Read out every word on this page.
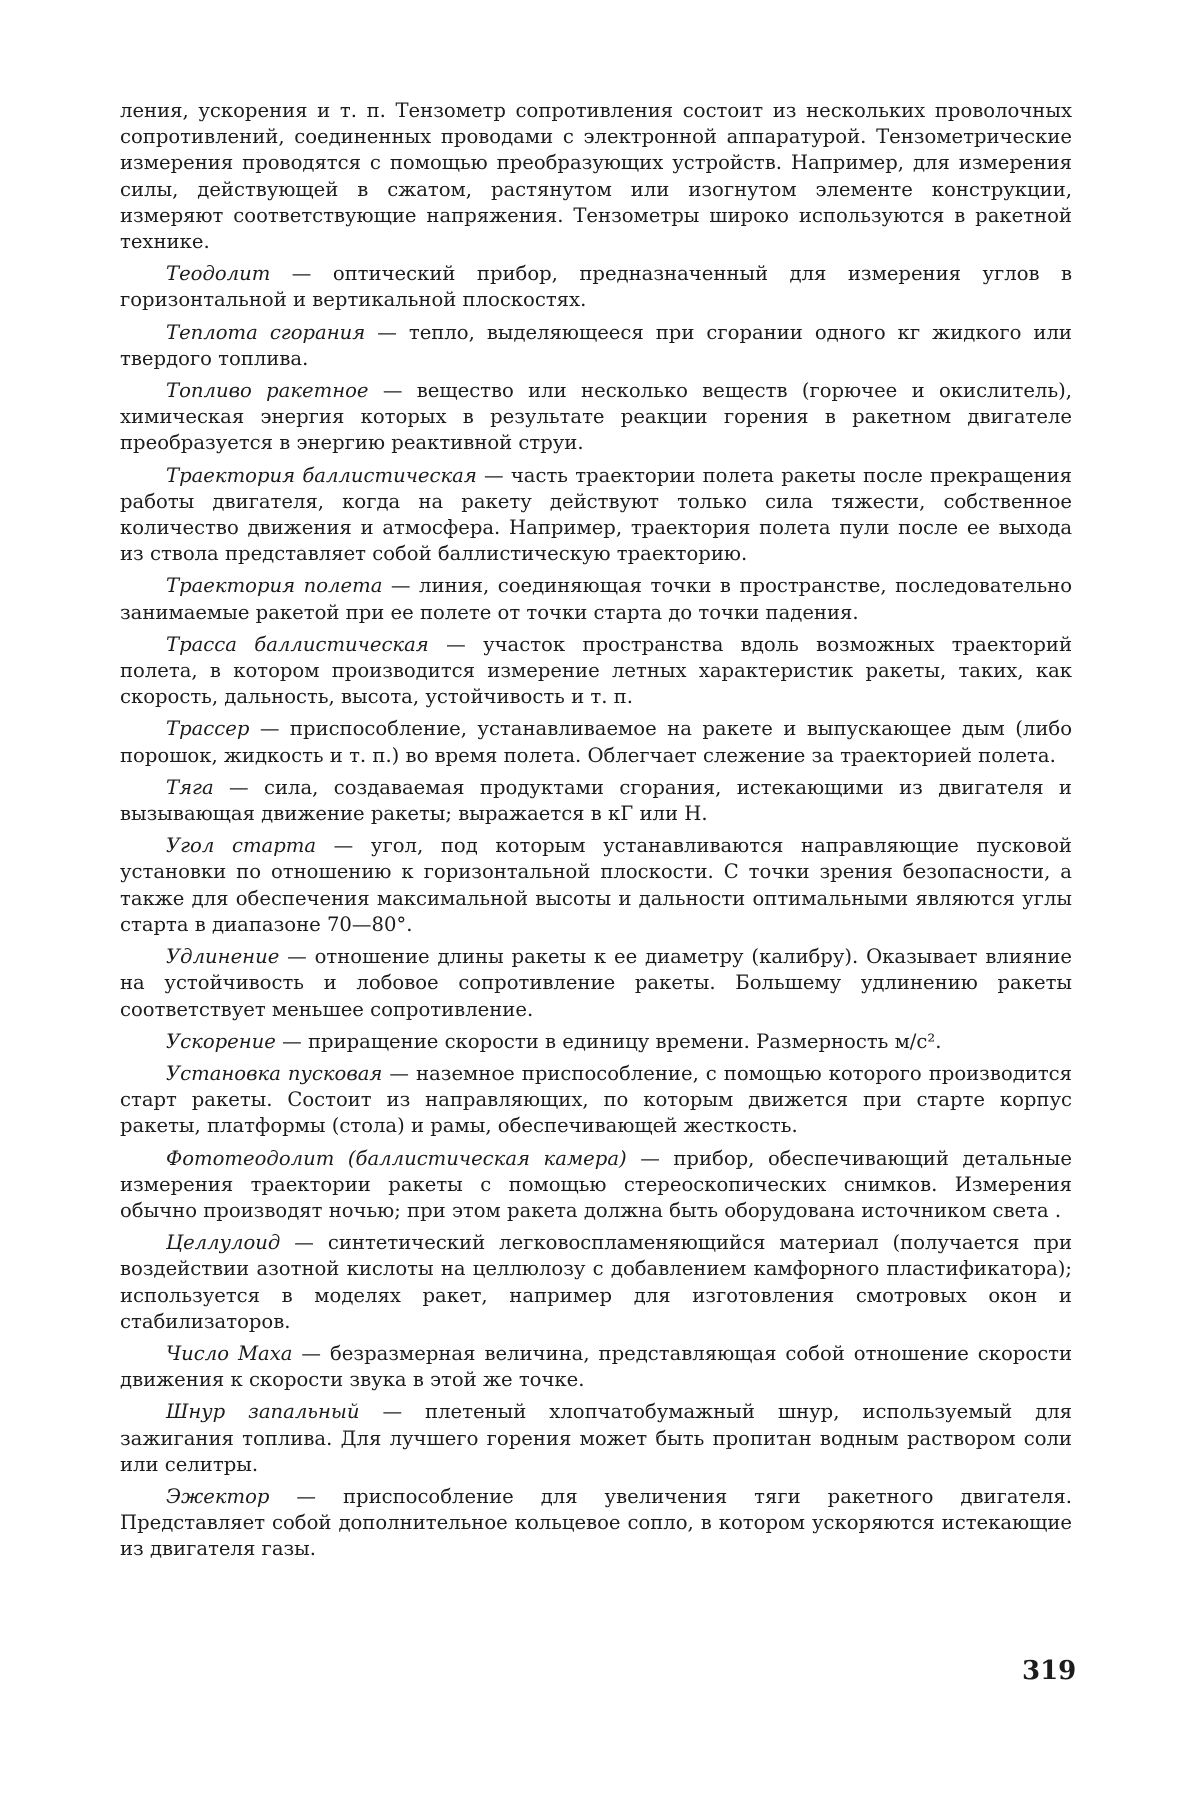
ления, ускорения и т. п. Тензометр сопротивления состоит из нескольких проволочных сопротивлений, соединенных проводами с электронной аппаратурой. Тензометрические измерения проводятся с помощью преобразующих устройств. Например, для измерения силы, действующей в сжатом, растянутом или изогнутом элементе конструкции, измеряют соответствующие напряжения. Тензометры широко используются в ракетной технике.

Теодолит — оптический прибор, предназначенный для измерения углов в горизонтальной и вертикальной плоскостях.

Теплота сгорания — тепло, выделяющееся при сгорании одного кг жидкого или твердого топлива.

Топливо ракетное — вещество или несколько веществ (горючее и окислитель), химическая энергия которых в результате реакции горения в ракетном двигателе преобразуется в энергию реактивной струи.

Траектория баллистическая — часть траектории полета ракеты после прекращения работы двигателя, когда на ракету действуют только сила тяжести, собственное количество движения и атмосфера. Например, траектория полета пули после ее выхода из ствола представляет собой баллистическую траекторию.

Траектория полета — линия, соединяющая точки в пространстве, последовательно занимаемые ракетой при ее полете от точки старта до точки падения.

Трасса баллистическая — участок пространства вдоль возможных траекторий полета, в котором производится измерение летных характеристик ракеты, таких, как скорость, дальность, высота, устойчивость и т. п.

Трассер — приспособление, устанавливаемое на ракете и выпускающее дым (либо порошок, жидкость и т. п.) во время полета. Облегчает слежение за траекторией полета.

Тяга — сила, создаваемая продуктами сгорания, истекающими из двигателя и вызывающая движение ракеты; выражается в кГ или Н.

Угол старта — угол, под которым устанавливаются направляющие пусковой установки по отношению к горизонтальной плоскости. С точки зрения безопасности, а также для обеспечения максимальной высоты и дальности оптимальными являются углы старта в диапазоне 70—80°.

Удлинение — отношение длины ракеты к ее диаметру (калибру). Оказывает влияние на устойчивость и лобовое сопротивление ракеты. Большему удлинению ракеты соответствует меньшее сопротивление.

Ускорение — приращение скорости в единицу времени. Размерность м/с².

Установка пусковая — наземное приспособление, с помощью которого производится старт ракеты. Состоит из направляющих, по которым движется при старте корпус ракеты, платформы (стола) и рамы, обеспечивающей жесткость.

Фототеодолит (баллистическая камера) — прибор, обеспечивающий детальные измерения траектории ракеты с помощью стереоскопических снимков. Измерения обычно производят ночью; при этом ракета должна быть оборудована источником света .

Целлулоид — синтетический легковоспламеняющийся материал (получается при воздействии азотной кислоты на целлюлозу с добавлением камфорного пластификатора); используется в моделях ракет, например для изготовления смотровых окон и стабилизаторов.

Число Маха — безразмерная величина, представляющая собой отношение скорости движения к скорости звука в этой же точке.

Шнур запальный — плетеный хлопчатобумажный шнур, используемый для зажигания топлива. Для лучшего горения может быть пропитан водным раствором соли или селитры.

Эжектор — приспособление для увеличения тяги ракетного двигателя. Представляет собой дополнительное кольцевое сопло, в котором ускоряются истекающие из двигателя газы.

319
